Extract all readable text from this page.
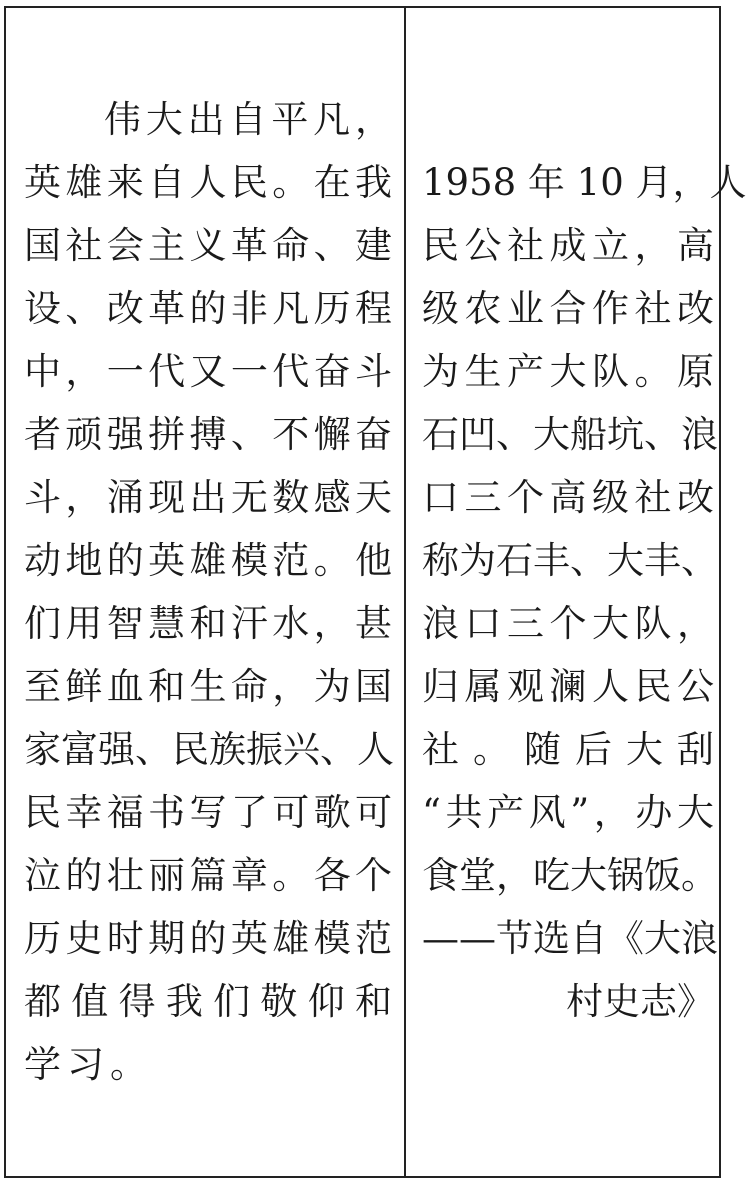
伟大出自平凡，
英雄来自人民。在我
国社会主义革命、建
设、改革的非凡历程
中，一代又一代奋斗
者顽强拼搏、不懈奋
斗，涌现出无数感天
动地的英雄模范。他
们用智慧和汗水，甚
至鲜血和生命，为国
家富强、民族振兴、人
民幸福书写了可歌可
泣的壮丽篇章。各个
历史时期的英雄模范
都值得我们敬仰和
学习。
1958 年 10 月，人
民公社成立，高
级农业合作社改
为生产大队。原
石凹、大船坑、浪
口三个高级社改
称为石丰、大丰、
浪口三个大队，
归属观澜人民公
社。随后大刮
“共产风”，办大
食堂，吃大锅饭。
——节选自《大浪
村史志》
